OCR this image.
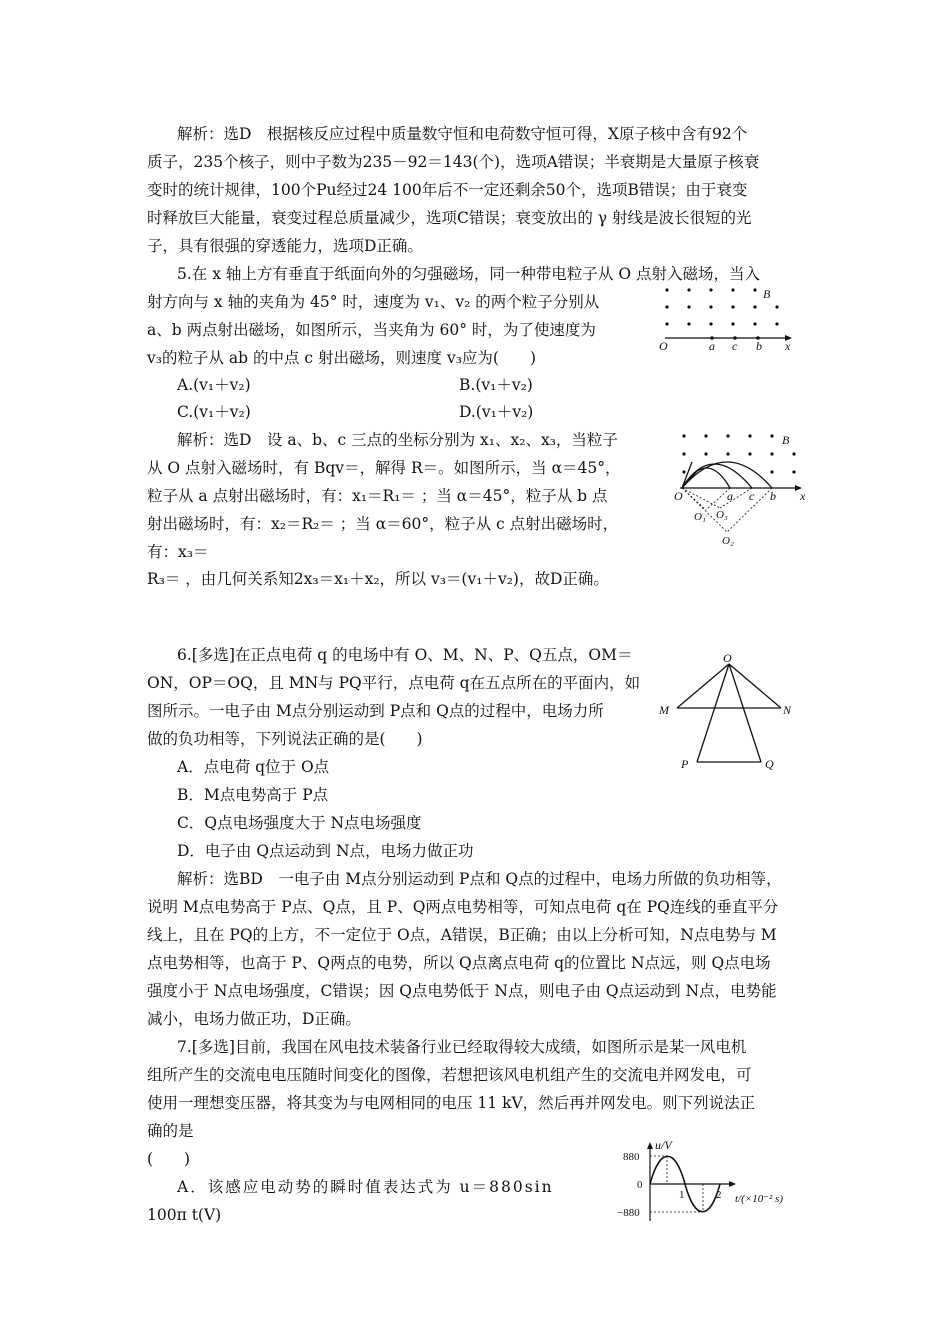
解析：选D　根据核反应过程中质量数守恒和电荷数守恒可得，X原子核中含有92个
质子，235个核子，则中子数为235－92＝143(个)，选项A错误；半衰期是大量原子核衰
变时的统计规律，100个Pu经过24 100年后不一定还剩余50个，选项B错误；由于衰变
时释放巨大能量，衰变过程总质量减少，选项C错误；衰变放出的 γ 射线是波长很短的光
子，具有很强的穿透能力，选项D正确。
5.在 x 轴上方有垂直于纸面向外的匀强磁场，同一种带电粒子从 O 点射入磁场，当入
射方向与 x 轴的夹角为 45° 时，速度为 v₁、v₂ 的两个粒子分别从
a、b 两点射出磁场，如图所示，当夹角为 60° 时，为了使速度为
v₃的粒子从 ab 的中点 c 射出磁场，则速度 v₃应为(　　)
A.(v₁＋v₂)	B.(v₁＋v₂)
C.(v₁＋v₂)	D.(v₁＋v₂)
解析：选D　设 a、b、c 三点的坐标分别为 x₁、x₂、x₃，当粒子
从 O 点射入磁场时，有 Bqv＝，解得 R＝。如图所示，当 α＝45°，
粒子从 a 点射出磁场时，有：x₁＝R₁＝ ；当 α＝45°，粒子从 b 点
射出磁场时，有：x₂＝R₂＝ ；当 α＝60°，粒子从 c 点射出磁场时，
有：x₃＝
R₃＝ ，由几何关系知2x₃＝x₁＋x₂，所以 v₃＝(v₁＋v₂)，故D正确。
B
O	a c b x
B
O	a c b x
O₁ O₃
O₂
6.[多选]在正点电荷 q 的电场中有 O、M、N、P、Q五点，OM＝
ON，OP＝OQ，且 MN与 PQ平行，点电荷 q在五点所在的平面内，如
图所示。一电子由 M点分别运动到 P点和 Q点的过程中，电场力所
做的负功相等，下列说法正确的是(　　)
A．点电荷 q位于 O点
B．M点电势高于 P点
C．Q点电场强度大于 N点电场强度
D．电子由 Q点运动到 N点，电场力做正功
解析：选BD　一电子由 M点分别运动到 P点和 Q点的过程中，电场力所做的负功相等，
说明 M点电势高于 P点、Q点，且 P、Q两点电势相等，可知点电荷 q在 PQ连线的垂直平分
线上，且在 PQ的上方，不一定位于 O点，A错误，B正确；由以上分析可知，N点电势与 M
点电势相等，也高于 P、Q两点的电势，所以 Q点离点电荷 q的位置比 N点远，则 Q点电场
强度小于 N点电场强度，C错误；因 Q点电势低于 N点，则电子由 Q点运动到 N点，电势能
减小，电场力做正功，D正确。
O
M	N
P	Q
7.[多选]目前，我国在风电技术装备行业已经取得较大成绩，如图所示是某一风电机
组所产生的交流电电压随时间变化的图像，若想把该风电机组产生的交流电并网发电，可
使用一理想变压器，将其变为与电网相同的电压 11 kV，然后再并网发电。则下列说法正
确的是
(　　)
A．该感应电动势的瞬时值表达式为 u＝880sin
100π t(V)
u/V
880
0
−880
1	2 t/(×10⁻² s)
